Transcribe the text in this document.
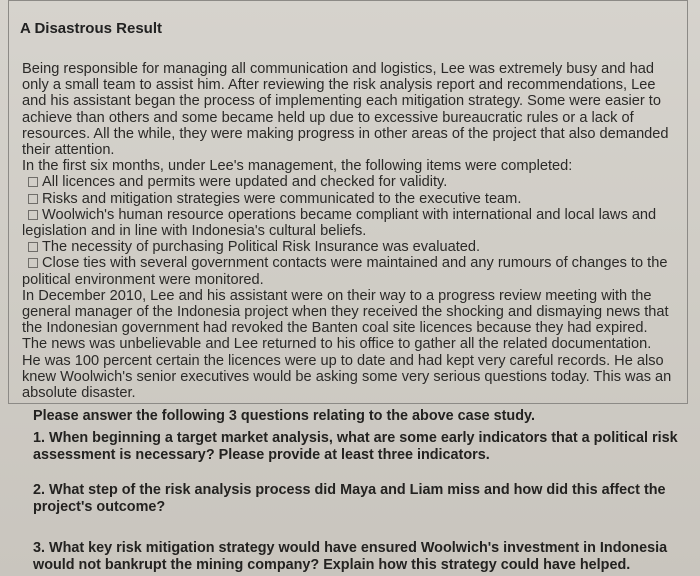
A Disastrous Result

Being responsible for managing all communication and logistics, Lee was extremely busy and had only a small team to assist him. After reviewing the risk analysis report and recommendations, Lee and his assistant began the process of implementing each mitigation strategy. Some were easier to achieve than others and some became held up due to excessive bureaucratic rules or a lack of resources. All the while, they were making progress in other areas of the project that also demanded their attention.

In the first six months, under Lee's management, the following items were completed:

All licences and permits were updated and checked for validity.

Risks and mitigation strategies were communicated to the executive team.

Woolwich's human resource operations became compliant with international and local laws and legislation and in line with Indonesia's cultural beliefs.

The necessity of purchasing Political Risk Insurance was evaluated.

Close ties with several government contacts were maintained and any rumours of changes to the political environment were monitored.

In December 2010, Lee and his assistant were on their way to a progress review meeting with the general manager of the Indonesia project when they received the shocking and dismaying news that the Indonesian government had revoked the Banten coal site licences because they had expired. The news was unbelievable and Lee returned to his office to gather all the related documentation. He was 100 percent certain the licences were up to date and had kept very careful records. He also knew Woolwich's senior executives would be asking some very serious questions today. This was an absolute disaster.

Please answer the following 3 questions relating to the above case study.
1. When beginning a target market analysis, what are some early indicators that a political risk assessment is necessary? Please provide at least three indicators.
2. What step of the risk analysis process did Maya and Liam miss and how did this affect the project's outcome?
3. What key risk mitigation strategy would have ensured Woolwich's investment in Indonesia would not bankrupt the mining company? Explain how this strategy could have helped.
